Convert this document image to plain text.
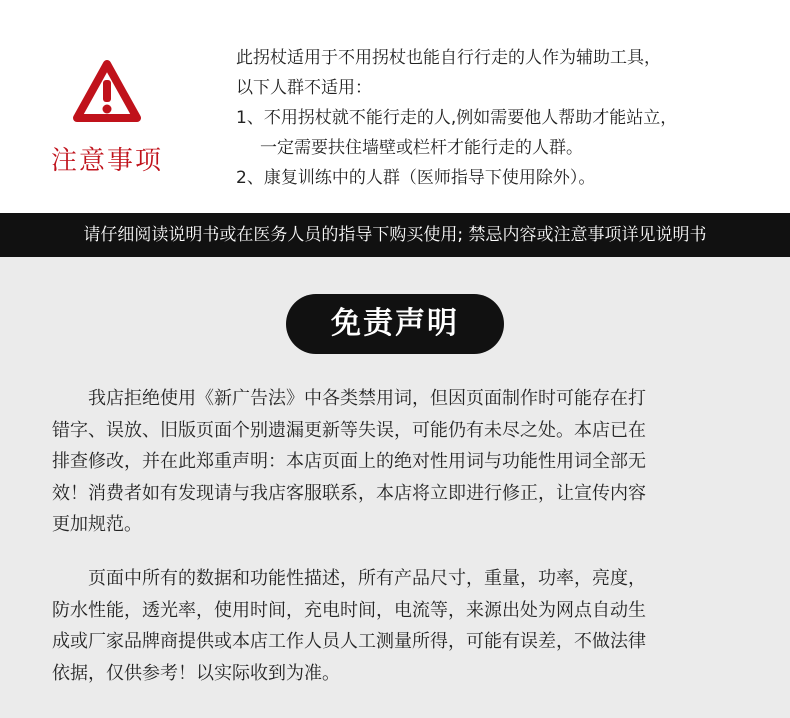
注意事项
此拐杖适用于不用拐杖也能自行行走的人作为辅助工具，
以下人群不适用：
1、不用拐杖就不能行走的人,例如需要他人帮助才能站立，
一定需要扶住墙壁或栏杆才能行走的人群。
2、康复训练中的人群（医师指导下使用除外）。
请仔细阅读说明书或在医务人员的指导下购买使用; 禁忌内容或注意事项详见说明书
免责声明
　　我店拒绝使用《新广告法》中各类禁用词，但因页面制作时可能存在打
错字、误放、旧版页面个别遗漏更新等失误，可能仍有未尽之处。本店已在
排查修改，并在此郑重声明：本店页面上的绝对性用词与功能性用词全部无
效！消费者如有发现请与我店客服联系，本店将立即进行修正，让宣传内容
更加规范。
　　页面中所有的数据和功能性描述，所有产品尺寸，重量，功率，亮度，
防水性能，透光率，使用时间，充电时间，电流等，来源出处为网点自动生
成或厂家品牌商提供或本店工作人员人工测量所得，可能有误差，不做法律
依据，仅供参考！以实际收到为准。
